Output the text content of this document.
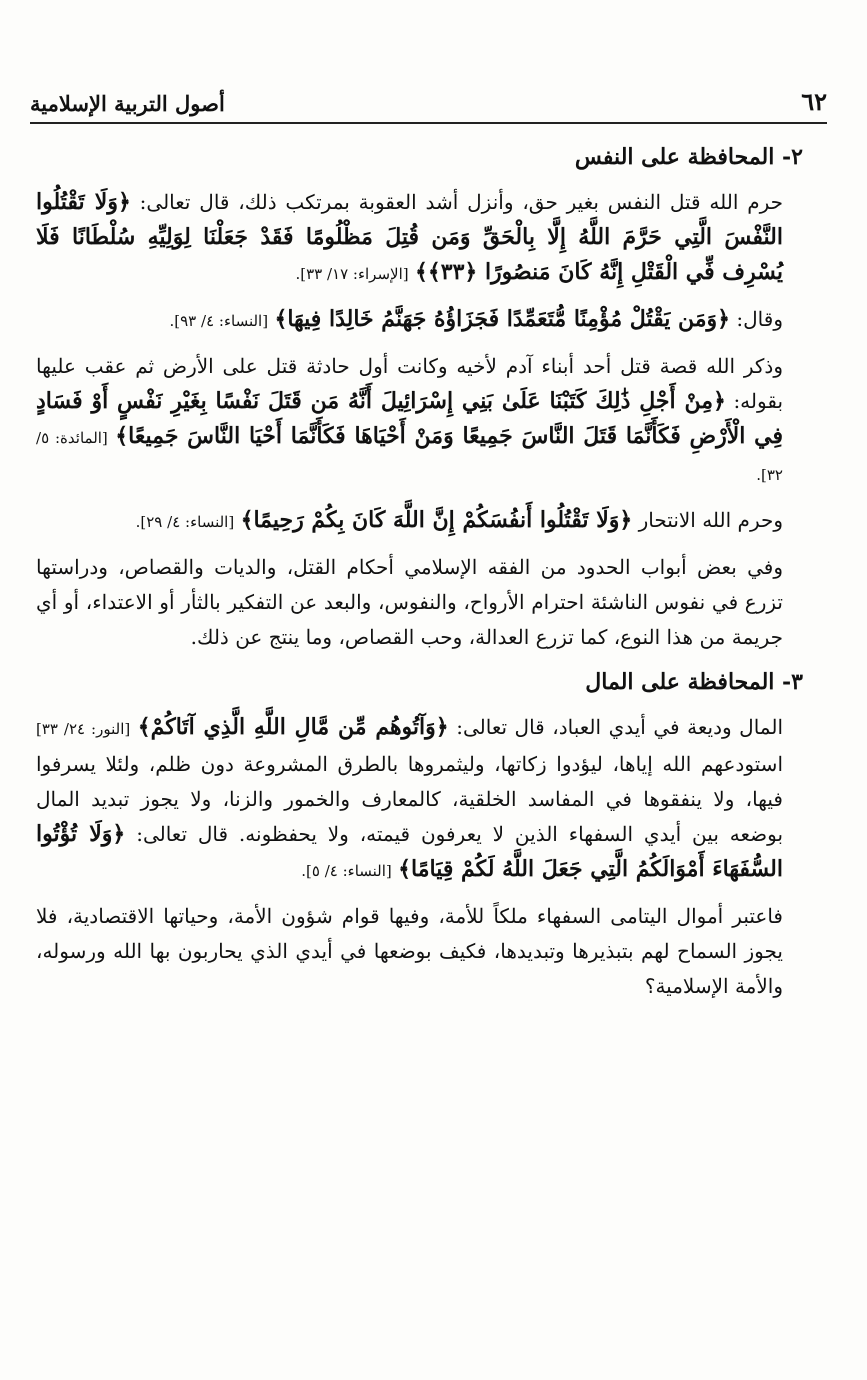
٦٢
أصول التربية الإسلامية
٢- المحافظة على النفس

حرم الله قتل النفس بغير حق، وأنزل أشد العقوبة بمرتكب ذلك، قال تعالى: ﴿وَلَا تَقْتُلُوا النَّفْسَ الَّتِي حَرَّمَ اللَّهُ إِلَّا بِالْحَقِّ وَمَن قُتِلَ مَظْلُومًا فَقَدْ جَعَلْنَا لِوَلِيِّهِ سُلْطَانًا فَلَا يُسْرِف فِّي الْقَتْلِ إِنَّهُ كَانَ مَنصُورًا ﴿٣٣﴾﴾ [الإسراء: ١٧/ ٣٣].

وقال: ﴿وَمَن يَقْتُلْ مُؤْمِنًا مُّتَعَمِّدًا فَجَزَاؤُهُ جَهَنَّمُ خَالِدًا فِيهَا﴾ [النساء: ٤/ ٩٣].

وذكر الله قصة قتل أحد أبناء آدم لأخيه وكانت أول حادثة قتل على الأرض ثم عقب عليها بقوله: ﴿مِنْ أَجْلِ ذَٰلِكَ كَتَبْنَا عَلَىٰ بَنِي إِسْرَائِيلَ أَنَّهُ مَن قَتَلَ نَفْسًا بِغَيْرِ نَفْسٍ أَوْ فَسَادٍ فِي الْأَرْضِ فَكَأَنَّمَا قَتَلَ النَّاسَ جَمِيعًا وَمَنْ أَحْيَاهَا فَكَأَنَّمَا أَحْيَا النَّاسَ جَمِيعًا﴾ [المائدة: ٥/ ٣٢].

وحرم الله الانتحار ﴿وَلَا تَقْتُلُوا أَنفُسَكُمْ إِنَّ اللَّهَ كَانَ بِكُمْ رَحِيمًا﴾ [النساء: ٤/ ٢٩].

وفي بعض أبواب الحدود من الفقه الإسلامي أحكام القتل، والديات والقصاص، ودراستها تزرع في نفوس الناشئة احترام الأرواح، والنفوس، والبعد عن التفكير بالثأر أو الاعتداء، أو أي جريمة من هذا النوع، كما تزرع العدالة، وحب القصاص، وما ينتج عن ذلك.

٣- المحافظة على المال

المال وديعة في أيدي العباد، قال تعالى: ﴿وَآتُوهُم مِّن مَّالِ اللَّهِ الَّذِي آتَاكُمْ﴾ [النور: ٢٤/ ٣٣] استودعهم الله إياها، ليؤدوا زكاتها، وليثمروها بالطرق المشروعة دون ظلم، ولئلا يسرفوا فيها، ولا ينفقوها في المفاسد الخلقية، كالمعارف والخمور والزنا، ولا يجوز تبديد المال بوضعه بين أيدي السفهاء الذين لا يعرفون قيمته، ولا يحفظونه. قال تعالى: ﴿وَلَا تُؤْتُوا السُّفَهَاءَ أَمْوَالَكُمُ الَّتِي جَعَلَ اللَّهُ لَكُمْ قِيَامًا﴾ [النساء: ٤/ ٥].

فاعتبر أموال اليتامى السفهاء ملكاً للأمة، وفيها قوام شؤون الأمة، وحياتها الاقتصادية، فلا يجوز السماح لهم بتبذيرها وتبديدها، فكيف بوضعها في أيدي الذي يحاربون بها الله ورسوله، والأمة الإسلامية؟
